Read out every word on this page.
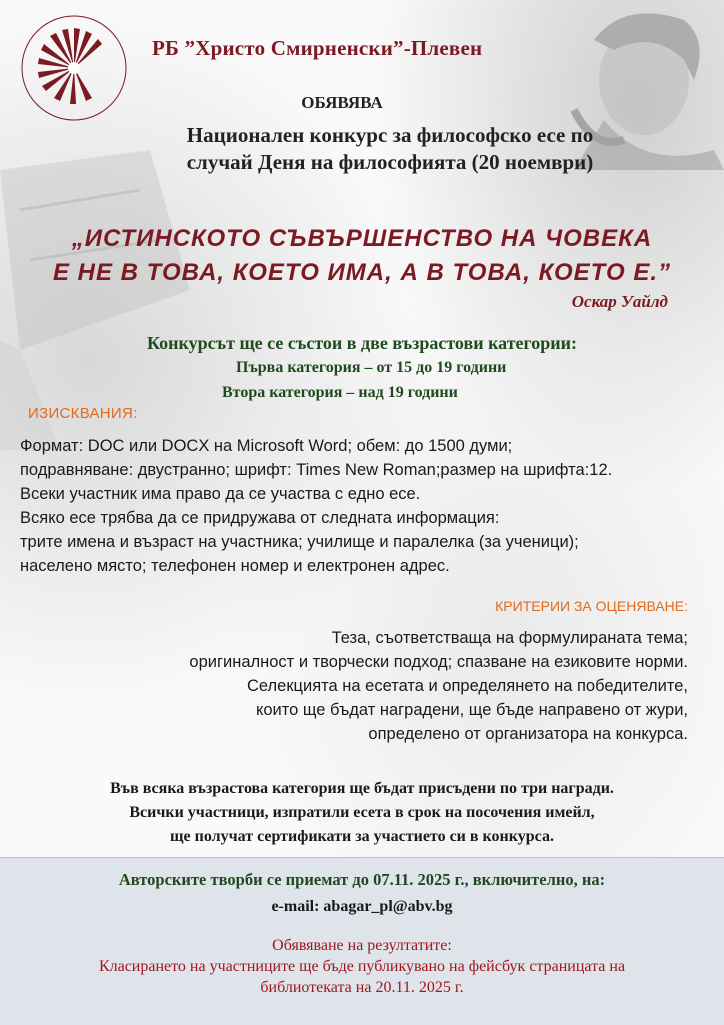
РБ ”Христо Смирненски”-Плевен
ОБЯВЯВА
Национален конкурс за философско есе по
случай Деня на философията (20 ноември)
„ИСТИНСКОТО СЪВЪРШЕНСТВО НА ЧОВЕКА
Е НЕ В ТОВА, КОЕТО ИМА, А В ТОВА, КОЕТО Е.”
Оскар Уайлд
Конкурсът ще се състои в две възрастови категории:
Първа категория – от 15 до 19 години
Втора категория – над 19 години
ИЗИСКВАНИЯ:
Формат: DOC или DOCX на Microsoft Word; обем: до 1500 думи;
подравняване: двустранно; шрифт: Times New Roman;размер на шрифта:12.
Всеки участник има право да се участва с едно есе.
Всяко есе трябва да се придружава от следната информация:
трите имена и възраст на участника; училище и паралелка (за ученици);
населено място; телефонен номер и електронен адрес.
КРИТЕРИИ ЗА ОЦЕНЯВАНЕ:
Теза, съответстваща на формулираната тема;
оригиналност и творчески подход; спазване на езиковите норми.
Селекцията на есетата и определянето на победителите,
които ще бъдат наградени, ще бъде направено от жури,
определено от организатора на конкурса.
Във всяка възрастова категория ще бъдат присъдени по три награди.
Всички участници, изпратили есета в срок на посочения имейл,
ще получат сертификати за участието си в конкурса.
Авторските творби се приемат до 07.11. 2025 г., включително, на:
e-mail: abagar_pl@abv.bg
Обявяване на резултатите:
Класирането на участниците ще бъде публикувано на фейсбук страницата на
библиотеката на 20.11. 2025 г.
